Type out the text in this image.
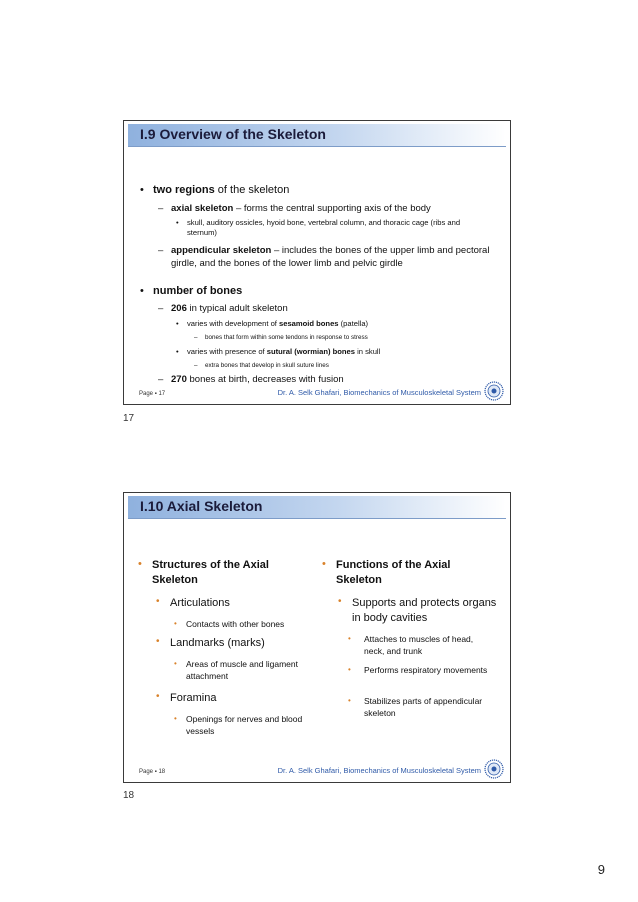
I.9 Overview of the Skeleton
• two regions of the skeleton
– axial skeleton – forms the central supporting axis of the body
• skull, auditory ossicles, hyoid bone, vertebral column, and thoracic cage (ribs and sternum)
– appendicular skeleton – includes the bones of the upper limb and pectoral girdle, and the bones of the lower limb and pelvic girdle
• number of bones
– 206 in typical adult skeleton
• varies with development of sesamoid bones (patella)
– bones that form within some tendons in response to stress
• varies with presence of sutural (wormian) bones in skull
– extra bones that develop in skull suture lines
– 270 bones at birth, decreases with fusion
Page ▪ 17	Dr. A. Selk Ghafari, Biomechanics of Musculoskeletal System
17
I.10 Axial Skeleton
• Structures of the Axial Skeleton
• Articulations
• Contacts with other bones
• Landmarks (marks)
• Areas of muscle and ligament attachment
• Foramina
• Openings for nerves and blood vessels
• Functions of the Axial Skeleton
• Supports and protects organs in body cavities
• Attaches to muscles of head, neck, and trunk
• Performs respiratory movements
• Stabilizes parts of appendicular skeleton
Page ▪ 18	Dr. A. Selk Ghafari, Biomechanics of Musculoskeletal System
18
9
